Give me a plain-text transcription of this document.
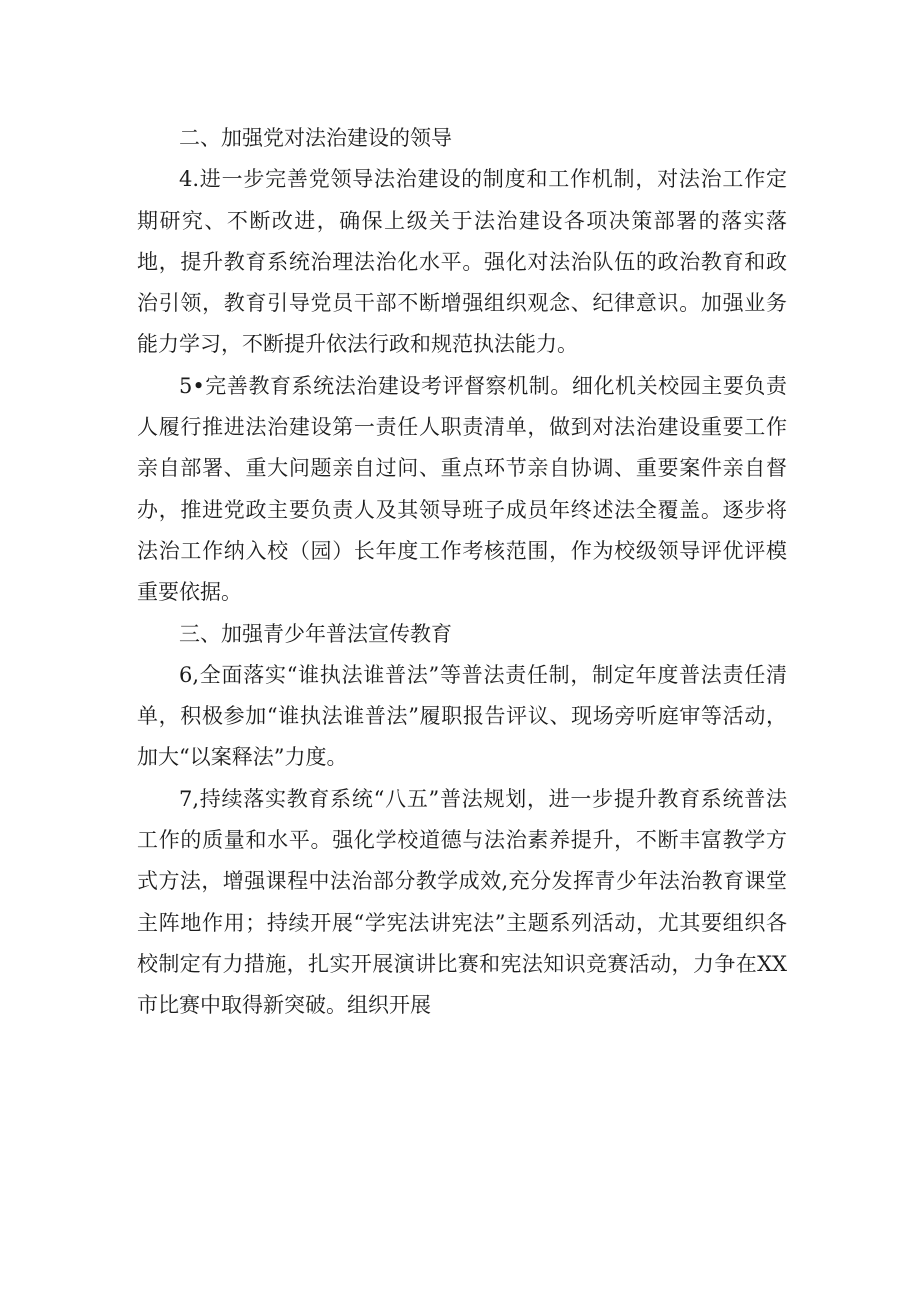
二、加强党对法治建设的领导

4.进一步完善党领导法治建设的制度和工作机制，对法治工作定期研究、不断改进，确保上级关于法治建设各项决策部署的落实落地，提升教育系统治理法治化水平。强化对法治队伍的政治教育和政治引领，教育引导党员干部不断增强组织观念、纪律意识。加强业务能力学习，不断提升依法行政和规范执法能力。

5•完善教育系统法治建设考评督察机制。细化机关校园主要负责人履行推进法治建设第一责任人职责清单，做到对法治建设重要工作亲自部署、重大问题亲自过问、重点环节亲自协调、重要案件亲自督办，推进党政主要负责人及其领导班子成员年终述法全覆盖。逐步将法治工作纳入校（园）长年度工作考核范围，作为校级领导评优评模重要依据。

三、加强青少年普法宣传教育

6,全面落实“谁执法谁普法”等普法责任制，制定年度普法责任清单，积极参加“谁执法谁普法”履职报告评议、现场旁听庭审等活动，加大“以案释法”力度。

7,持续落实教育系统“八五”普法规划，进一步提升教育系统普法工作的质量和水平。强化学校道德与法治素养提升，不断丰富教学方式方法，增强课程中法治部分教学成效,充分发挥青少年法治教育课堂主阵地作用；持续开展“学宪法讲宪法”主题系列活动，尤其要组织各校制定有力措施，扎实开展演讲比赛和宪法知识竞赛活动，力争在XX市比赛中取得新突破。组织开展
